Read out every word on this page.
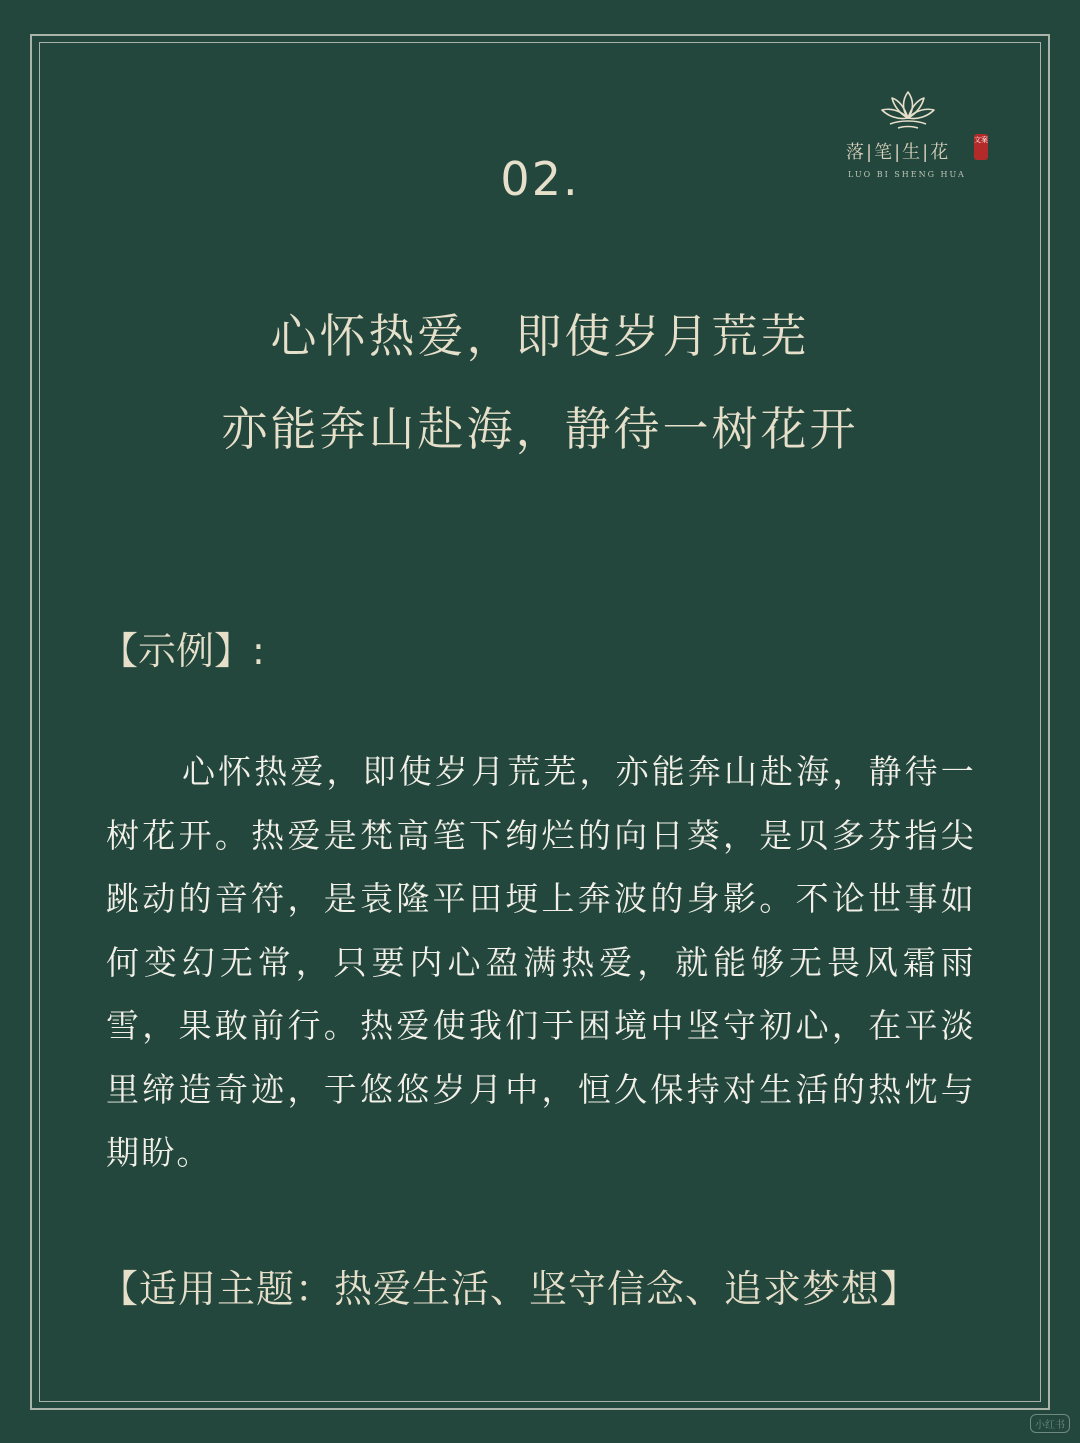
落|笔|生|花
文案
LUO BI SHENG HUA
02.
心怀热爱，即使岁月荒芜
亦能奔山赴海，静待一树花开
【示例】:
心怀热爱，即使岁月荒芜，亦能奔山赴海，静待一树花开。热爱是梵高笔下绚烂的向日葵，是贝多芬指尖跳动的音符，是袁隆平田埂上奔波的身影。不论世事如何变幻无常，只要内心盈满热爱，就能够无畏风霜雨雪，果敢前行。热爱使我们于困境中坚守初心，在平淡里缔造奇迹，于悠悠岁月中，恒久保持对生活的热忱与期盼。
【适用主题：热爱生活、坚守信念、追求梦想】
小红书
